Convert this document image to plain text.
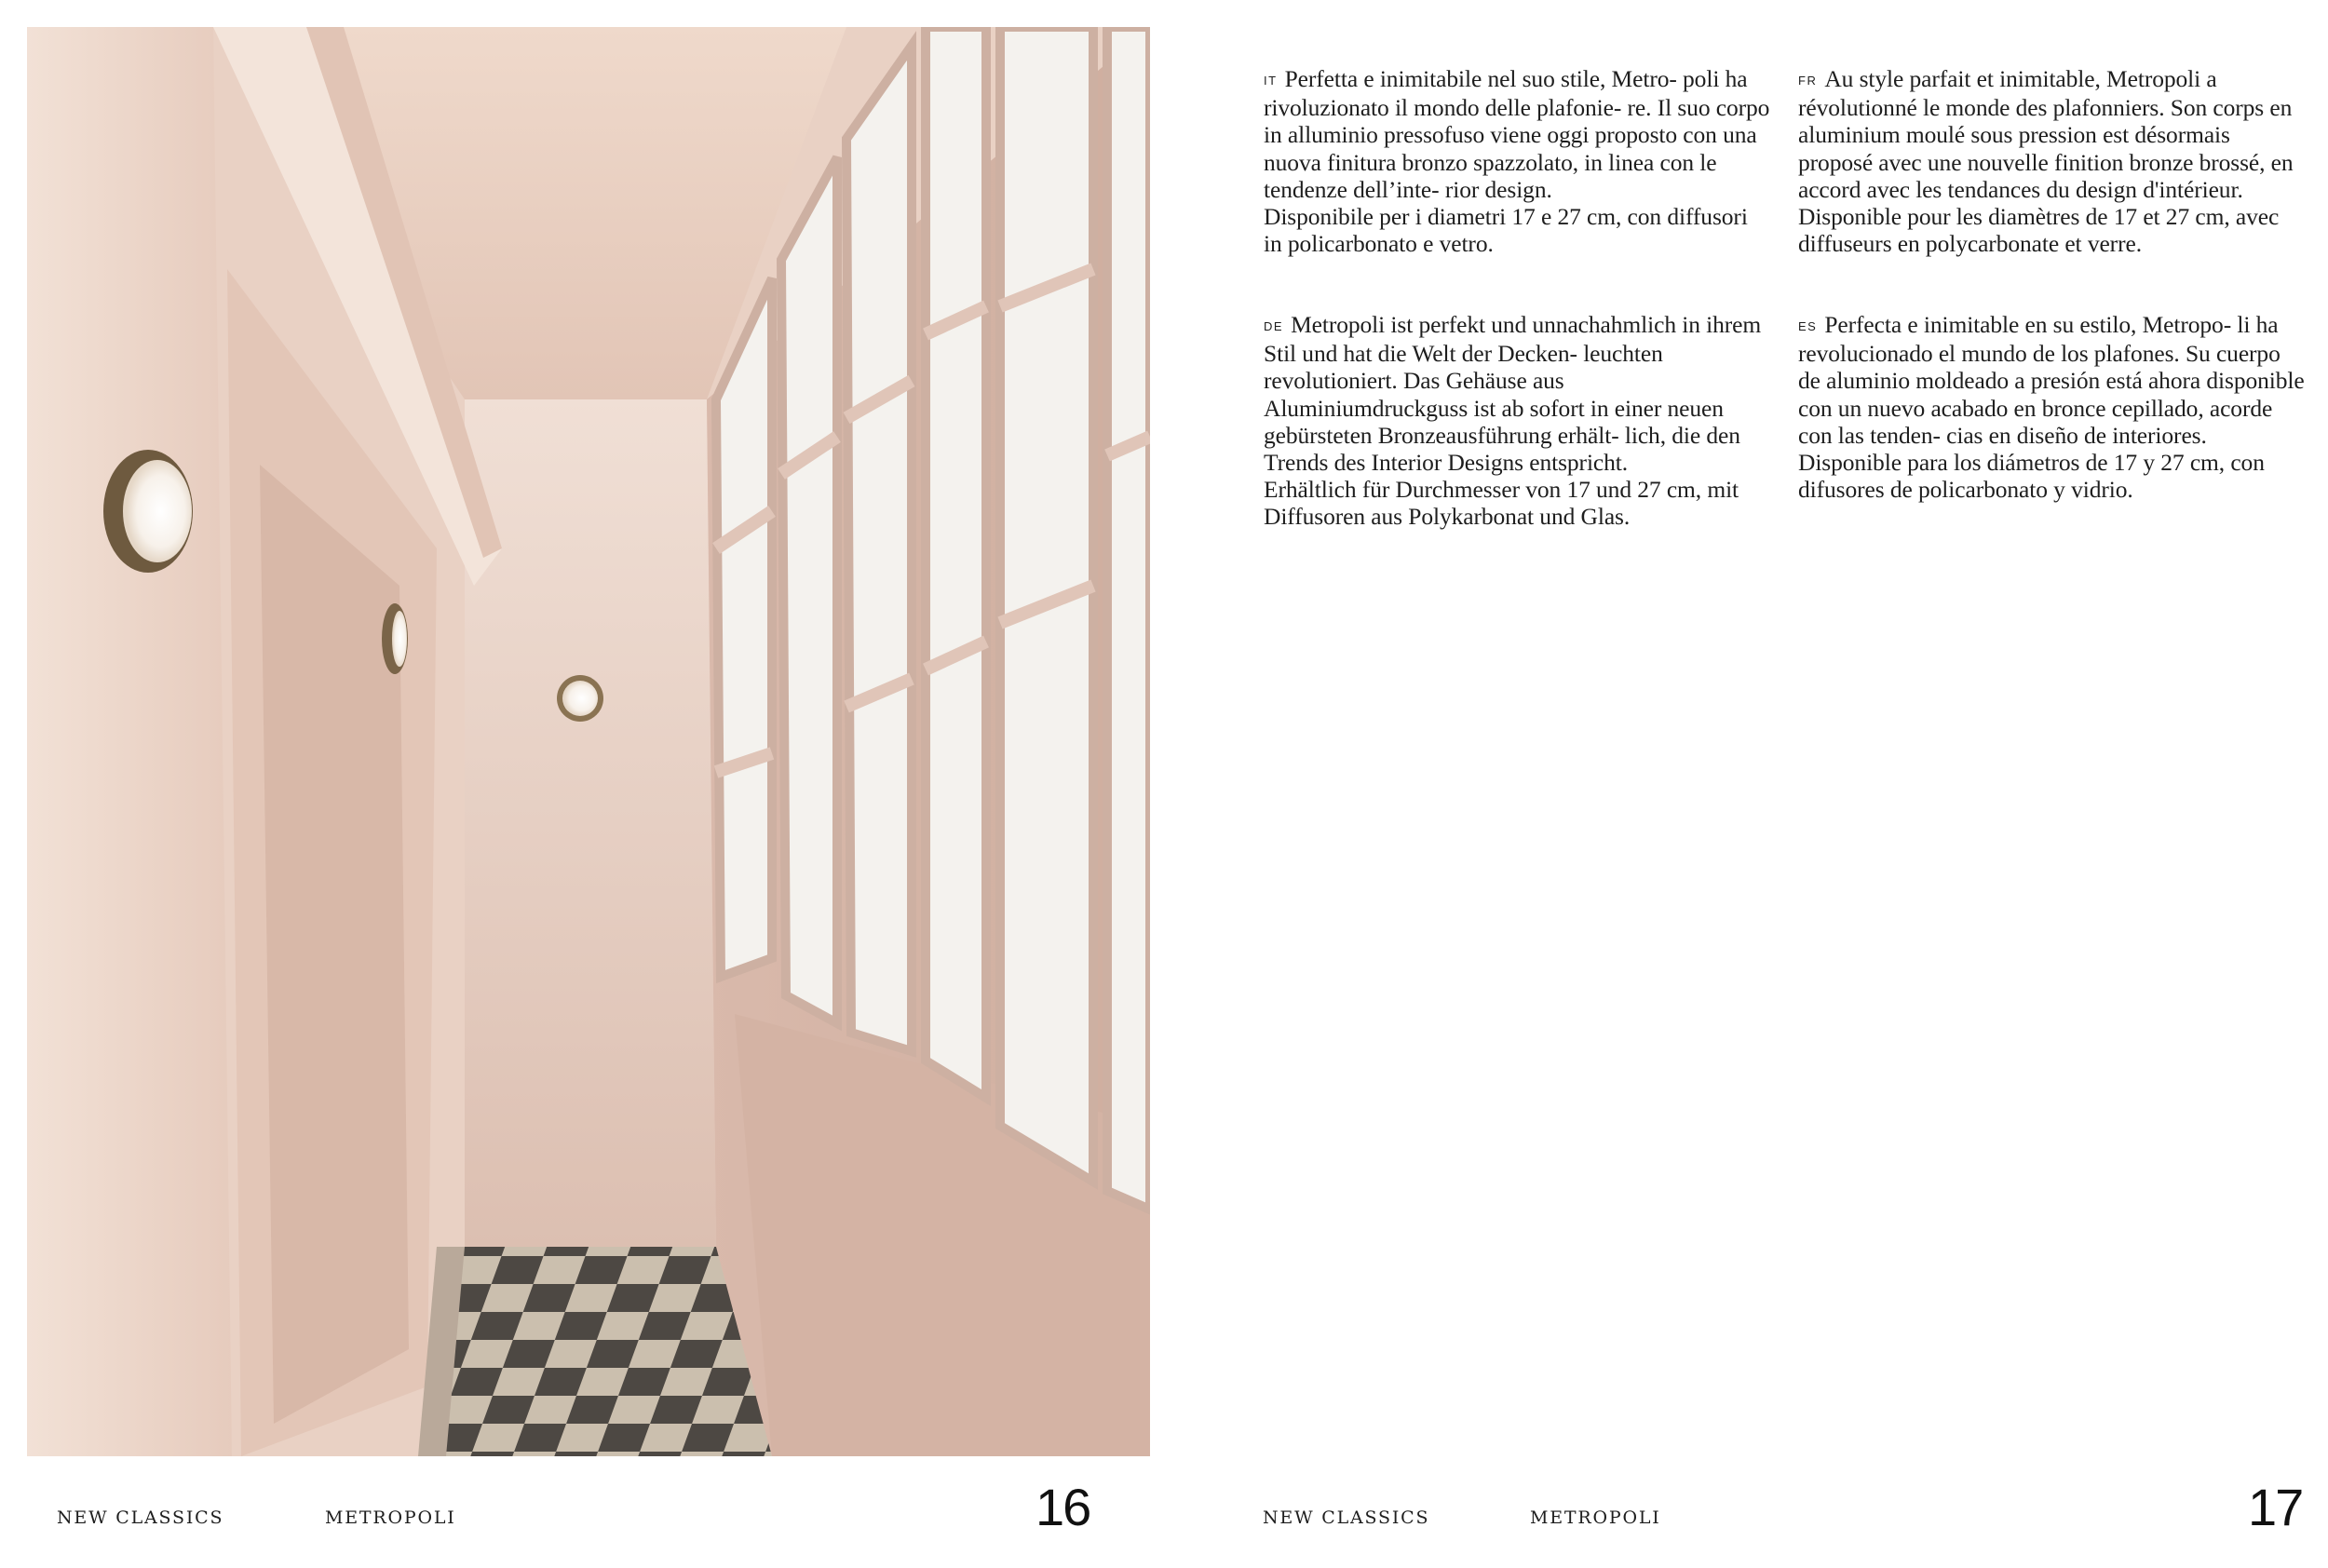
NEW CLASSICS	METROPOLI	16

IT Perfetta e inimitabile nel suo stile, Metro- poli ha rivoluzionato il mondo delle plafonie- re. Il suo corpo in alluminio pressofuso viene oggi proposto con una nuova finitura bronzo spazzolato, in linea con le tendenze dell’inte- rior design.

Disponibile per i diametri 17 e 27 cm, con diffusori in policarbonato e vetro.

FR Au style parfait et inimitable, Metropoli a révolutionné le monde des plafonniers. Son corps en aluminium moulé sous pression est désormais proposé avec une nouvelle finition bronze brossé, en accord avec les tendances du design d'intérieur.

Disponible pour les diamètres de 17 et 27 cm, avec diffuseurs en polycarbonate et verre.

DE Metropoli ist perfekt und unnachahmlich in ihrem Stil und hat die Welt der Decken- leuchten revolutioniert. Das Gehäuse aus Aluminiumdruckguss ist ab sofort in einer neuen gebürsteten Bronzeausführung erhält- lich, die den Trends des Interior Designs entspricht.

Erhältlich für Durchmesser von 17 und 27 cm, mit Diffusoren aus Polykarbonat und Glas.

ES Perfecta e inimitable en su estilo, Metropo- li ha revolucionado el mundo de los plafones. Su cuerpo de aluminio moldeado a presión está ahora disponible con un nuevo acabado en bronce cepillado, acorde con las tenden- cias en diseño de interiores.

Disponible para los diámetros de 17 y 27 cm, con difusores de policarbonato y vidrio.

NEW CLASSICS	METROPOLI	17
